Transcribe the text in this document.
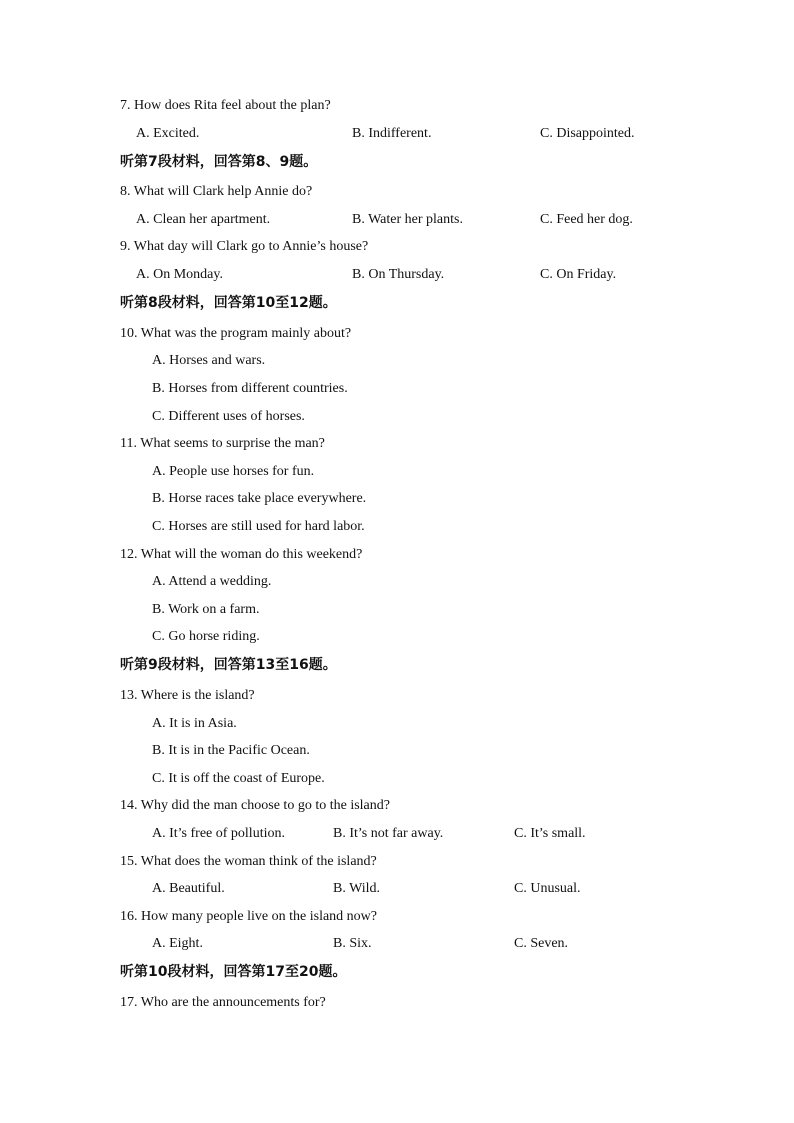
7. How does Rita feel about the plan?
A. Excited.	B. Indifferent.	C. Disappointed.
听第7段材料，回答第8、9题。
8. What will Clark help Annie do?
A. Clean her apartment.	B. Water her plants.	C. Feed her dog.
9. What day will Clark go to Annie’s house?
A. On Monday.	B. On Thursday.	C. On Friday.
听第8段材料，回答第10至12题。
10. What was the program mainly about?
A. Horses and wars.
B. Horses from different countries.
C. Different uses of horses.
11. What seems to surprise the man?
A. People use horses for fun.
B. Horse races take place everywhere.
C. Horses are still used for hard labor.
12. What will the woman do this weekend?
A. Attend a wedding.
B. Work on a farm.
C. Go horse riding.
听第9段材料，回答第13至16题。
13. Where is the island?
A. It is in Asia.
B. It is in the Pacific Ocean.
C. It is off the coast of Europe.
14. Why did the man choose to go to the island?
A. It’s free of pollution.	B. It’s not far away.	C. It’s small.
15. What does the woman think of the island?
A. Beautiful.	B. Wild.	C. Unusual.
16. How many people live on the island now?
A. Eight.	B. Six.	C. Seven.
听第10段材料，回答第17至20题。
17. Who are the announcements for?
